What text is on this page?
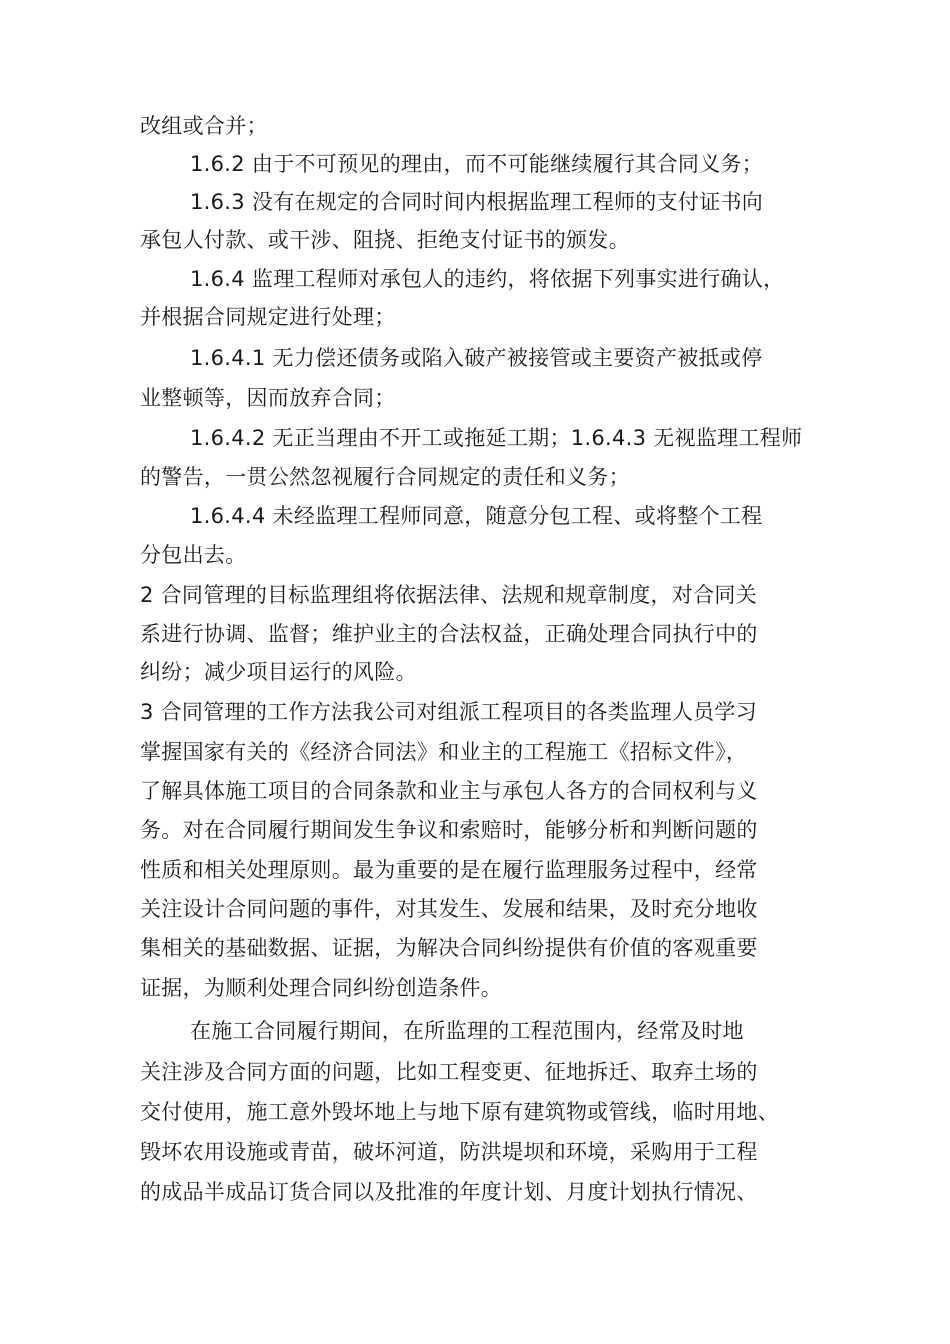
改组或合并；
1.6.2 由于不可预见的理由，而不可能继续履行其合同义务；
1.6.3 没有在规定的合同时间内根据监理工程师的支付证书向
承包人付款、或干涉、阻挠、拒绝支付证书的颁发。
1.6.4 监理工程师对承包人的违约，将依据下列事实进行确认，
并根据合同规定进行处理；
1.6.4.1 无力偿还债务或陷入破产被接管或主要资产被抵或停
业整顿等，因而放弃合同；
1.6.4.2 无正当理由不开工或拖延工期；1.6.4.3 无视监理工程师
的警告，一贯公然忽视履行合同规定的责任和义务；
1.6.4.4 未经监理工程师同意，随意分包工程、或将整个工程
分包出去。
2 合同管理的目标监理组将依据法律、法规和规章制度，对合同关
系进行协调、监督；维护业主的合法权益，正确处理合同执行中的
纠纷；减少项目运行的风险。
3 合同管理的工作方法我公司对组派工程项目的各类监理人员学习
掌握国家有关的《经济合同法》和业主的工程施工《招标文件》，
了解具体施工项目的合同条款和业主与承包人各方的合同权利与义
务。对在合同履行期间发生争议和索赔时，能够分析和判断问题的
性质和相关处理原则。最为重要的是在履行监理服务过程中，经常
关注设计合同问题的事件，对其发生、发展和结果，及时充分地收
集相关的基础数据、证据，为解决合同纠纷提供有价值的客观重要
证据，为顺利处理合同纠纷创造条件。
在施工合同履行期间，在所监理的工程范围内，经常及时地
关注涉及合同方面的问题，比如工程变更、征地拆迁、取弃土场的
交付使用，施工意外毁坏地上与地下原有建筑物或管线，临时用地、
毁坏农用设施或青苗，破坏河道，防洪堤坝和环境，采购用于工程
的成品半成品订货合同以及批准的年度计划、月度计划执行情况、
